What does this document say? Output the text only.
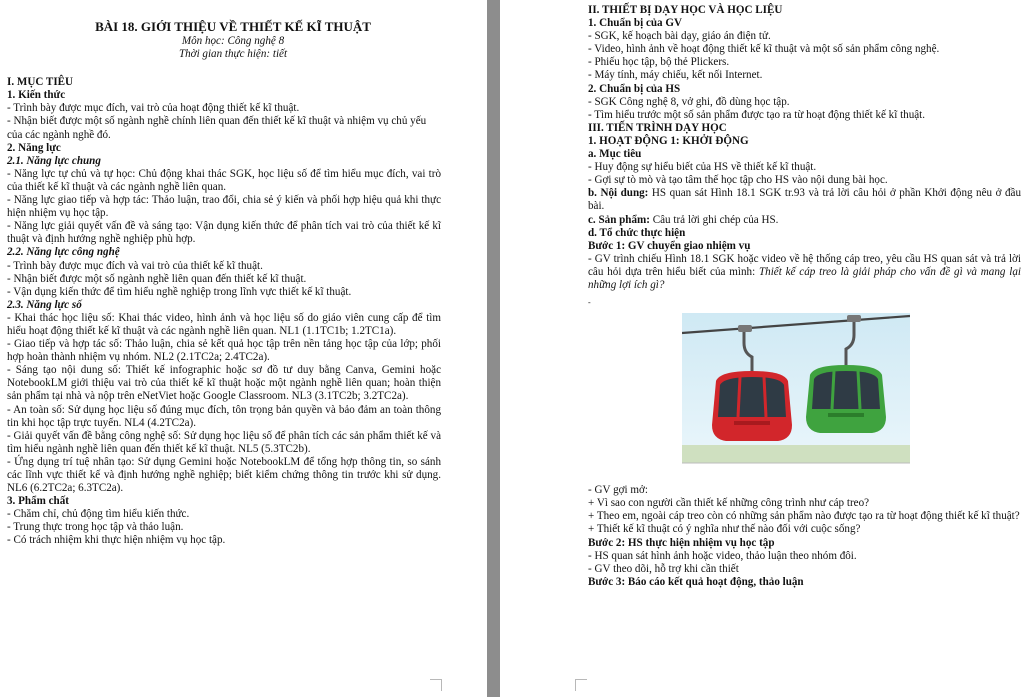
BÀI 18. GIỚI THIỆU VỀ THIẾT KẾ KĨ THUẬT
Môn học: Công nghệ 8
Thời gian thực hiện: tiết
I. MỤC TIÊU
1. Kiến thức
- Trình bày được mục đích, vai trò của hoạt động thiết kế kĩ thuật.
- Nhận biết được một số ngành nghề chính liên quan đến thiết kế kĩ thuật và nhiệm vụ chủ yếu của các ngành nghề đó.
2. Năng lực
2.1. Năng lực chung
- Năng lực tự chủ và tự học: Chủ động khai thác SGK, học liệu số để tìm hiểu mục đích, vai trò của thiết kế kĩ thuật và các ngành nghề liên quan.
- Năng lực giao tiếp và hợp tác: Thảo luận, trao đổi, chia sẻ ý kiến và phối hợp hiệu quả khi thực hiện nhiệm vụ học tập.
- Năng lực giải quyết vấn đề và sáng tạo: Vận dụng kiến thức để phân tích vai trò của thiết kế kĩ thuật và định hướng nghề nghiệp phù hợp.
2.2. Năng lực công nghệ
- Trình bày được mục đích và vai trò của thiết kế kĩ thuật.
- Nhận biết được một số ngành nghề liên quan đến thiết kế kĩ thuật.
- Vận dụng kiến thức để tìm hiểu nghề nghiệp trong lĩnh vực thiết kế kĩ thuật.
2.3. Năng lực số
- Khai thác học liệu số: Khai thác video, hình ảnh và học liệu số do giáo viên cung cấp để tìm hiểu hoạt động thiết kế kĩ thuật và các ngành nghề liên quan. NL1 (1.1TC1b; 1.2TC1a).
- Giao tiếp và hợp tác số: Thảo luận, chia sẻ kết quả học tập trên nền tảng học tập của lớp; phối hợp hoàn thành nhiệm vụ nhóm. NL2 (2.1TC2a; 2.4TC2a).
- Sáng tạo nội dung số: Thiết kế infographic hoặc sơ đồ tư duy bằng Canva, Gemini hoặc NotebookLM giới thiệu vai trò của thiết kế kĩ thuật hoặc một ngành nghề liên quan; hoàn thiện sản phẩm tại nhà và nộp trên eNetViet hoặc Google Classroom. NL3 (3.1TC2b; 3.2TC2a).
- An toàn số: Sử dụng học liệu số đúng mục đích, tôn trọng bản quyền và bảo đảm an toàn thông tin khi học tập trực tuyến. NL4 (4.2TC2a).
- Giải quyết vấn đề bằng công nghệ số: Sử dụng học liệu số để phân tích các sản phẩm thiết kế và tìm hiểu ngành nghề liên quan đến thiết kế kĩ thuật. NL5 (5.3TC2b).
- Ứng dụng trí tuệ nhân tạo: Sử dụng Gemini hoặc NotebookLM để tổng hợp thông tin, so sánh các lĩnh vực thiết kế và định hướng nghề nghiệp; biết kiểm chứng thông tin trước khi sử dụng. NL6 (6.2TC2a; 6.3TC2a).
3. Phẩm chất
- Chăm chỉ, chủ động tìm hiểu kiến thức.
- Trung thực trong học tập và thảo luận.
- Có trách nhiệm khi thực hiện nhiệm vụ học tập.
II. THIẾT BỊ DẠY HỌC VÀ HỌC LIỆU
1. Chuẩn bị của GV
- SGK, kế hoạch bài dạy, giáo án điện tử.
- Video, hình ảnh về hoạt động thiết kế kĩ thuật và một số sản phẩm công nghệ.
- Phiếu học tập, bộ thẻ Plickers.
- Máy tính, máy chiếu, kết nối Internet.
2. Chuẩn bị của HS
- SGK Công nghệ 8, vở ghi, đồ dùng học tập.
- Tìm hiểu trước một số sản phẩm được tạo ra từ hoạt động thiết kế kĩ thuật.
III. TIẾN TRÌNH DẠY HỌC
1. HOẠT ĐỘNG 1: KHỞI ĐỘNG
a. Mục tiêu
- Huy động sự hiểu biết của HS về thiết kế kĩ thuật.
- Gợi sự tò mò và tạo tâm thế học tập cho HS vào nội dung bài học.
b. Nội dung: HS quan sát Hình 18.1 SGK tr.93 và trả lời câu hỏi ở phần Khởi động nêu ở đầu bài.
c. Sản phẩm: Câu trả lời ghi chép của HS.
d. Tổ chức thực hiện
Bước 1: GV chuyển giao nhiệm vụ
- GV trình chiếu Hình 18.1 SGK hoặc video về hệ thống cáp treo, yêu cầu HS quan sát và trả lời câu hỏi dựa trên hiểu biết của mình: Thiết kế cáp treo là giải pháp cho vấn đề gì và mang lại những lợi ích gì?
-
- GV gợi mở:
+ Vì sao con người cần thiết kế những công trình như cáp treo?
+ Theo em, ngoài cáp treo còn có những sản phẩm nào được tạo ra từ hoạt động thiết kế kĩ thuật?
+ Thiết kế kĩ thuật có ý nghĩa như thế nào đối với cuộc sống?
Bước 2: HS thực hiện nhiệm vụ học tập
- HS quan sát hình ảnh hoặc video, thảo luận theo nhóm đôi.
- GV theo dõi, hỗ trợ khi cần thiết
Bước 3: Báo cáo kết quả hoạt động, thảo luận
